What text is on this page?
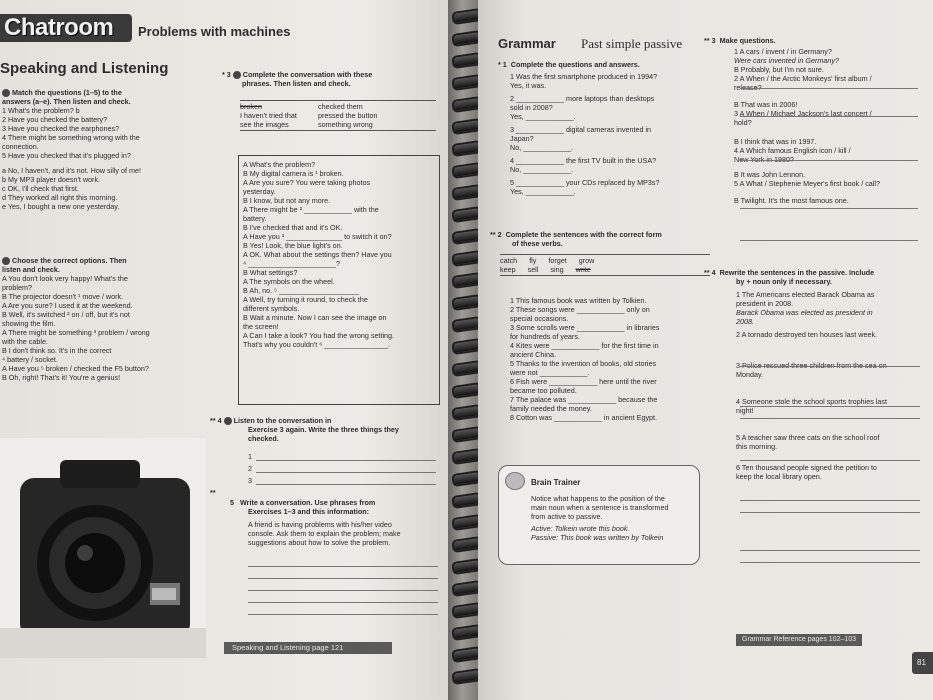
Chatroom	Problems with machines
Speaking and Listening
Match the questions (1–5) to the
answers (a–e). Then listen and check.
1 What's the problem? b
2 Have you checked the battery?
3 Have you checked the earphones?
4 There might be something wrong with the
connection.
5 Have you checked that it's plugged in?
a No, I haven't, and it's not. How silly of me!
b My MP3 player doesn't work.
c OK, I'll check that first.
d They worked all right this morning.
e Yes, I bought a new one yesterday.
Choose the correct options. Then
listen and check.
A You don't look very happy! What's the
problem?
B The projector doesn't ¹ move / work.
A Are you sure? I used it at the weekend.
B Well, it's switched ² on / off, but it's not
showing the film.
A There might be something ³ problem / wrong
with the cable.
B I don't think so. It's in the correct
⁴ battery / socket.
A Have you ⁵ broken / checked the F5 button?
B Oh, right! That's it! You're a genius!
* 3 Complete the conversation with these
phrases. Then listen and check.
broken	checked them
I haven't tried that	pressed the button
see the images	something wrong
A What's the problem?
B My digital camera is ¹ broken.
A Are you sure? You were taking photos
yesterday.
B I know, but not any more.
A There might be ² ____________ with the
battery.
B I've checked that and it's OK.
A Have you ³ ______________ to switch it on?
B Yes! Look, the blue light's on.
A OK. What about the settings then? Have you
⁴ ______________________?
B What settings?
A The symbols on the wheel.
B Ah, no. ⁵ ____________________
A Well, try turning it round, to check the
different symbols.
B Wait a minute. Now I can see the image on
the screen!
A Can I take a look? You had the wrong setting.
That's why you couldn't ⁶ ________________.
** 4 Listen to the conversation in
Exercise 3 again. Write the three things they
checked.
1
2
3
**
5 Write a conversation. Use phrases from
Exercises 1–3 and this information:
A friend is having problems with his/her video
console. Ask them to explain the problem; make
suggestions about how to solve the problem.
Speaking and Listening page 121
Grammar Past simple passive
* 1 Complete the questions and answers.
1 Was the first smartphone produced in 1994?
Yes, it was.
2 ____________ more laptops than desktops
sold in 2008?
Yes, ____________.
3 ____________ digital cameras invented in
Japan?
No, ____________.
4 ____________ the first TV built in the USA?
No, ____________.
5 ____________ your CDs replaced by MP3s?
Yes, ____________.
** 2 Complete the sentences with the correct form
of these verbs.
catch fly forget grow
keep sell sing write
1 This famous book was written by Tolkien.
2 These songs were ____________ only on
special occasions.
3 Some scrolls were ____________ in libraries
for hundreds of years.
4 Kites were ____________ for the first time in
ancient China.
5 Thanks to the invention of books, old stories
were not ____________.
6 Fish were ____________ here until the river
became too polluted.
7 The palace was ____________ because the
family needed the money.
8 Cotton was ____________ in ancient Egypt.
Brain Trainer
Notice what happens to the position of the
main noun when a sentence is transformed
from active to passive.
Active: Tolkein wrote this book.
Passive: This book was written by Tolkein
** 3 Make questions.
1 A cars / invent / in Germany?
Were cars invented in Germany?
B Probably, but I'm not sure.
2 A When / the Arctic Monkeys' first album /
release?
B That was in 2006!
3 A When / Michael Jackson's last concert /
hold?
B I think that was in 1997.
4 A Which famous English icon / kill /
New York in 1980?
B It was John Lennon.
5 A What / Stephenie Meyer's first book / call?
B Twilight. It's the most famous one.
** 4 Rewrite the sentences in the passive. Include
by + noun only if necessary.
1 The Americans elected Barack Obama as
president in 2008.
Barack Obama was elected as president in
2008.
2 A tornado destroyed ten houses last week.
3 Police rescued three children from the sea on
Monday.
4 Someone stole the school sports trophies last
night!
5 A teacher saw three cats on the school roof
this morning.
6 Ten thousand people signed the petition to
keep the local library open.
Grammar Reference pages 102–103
81
